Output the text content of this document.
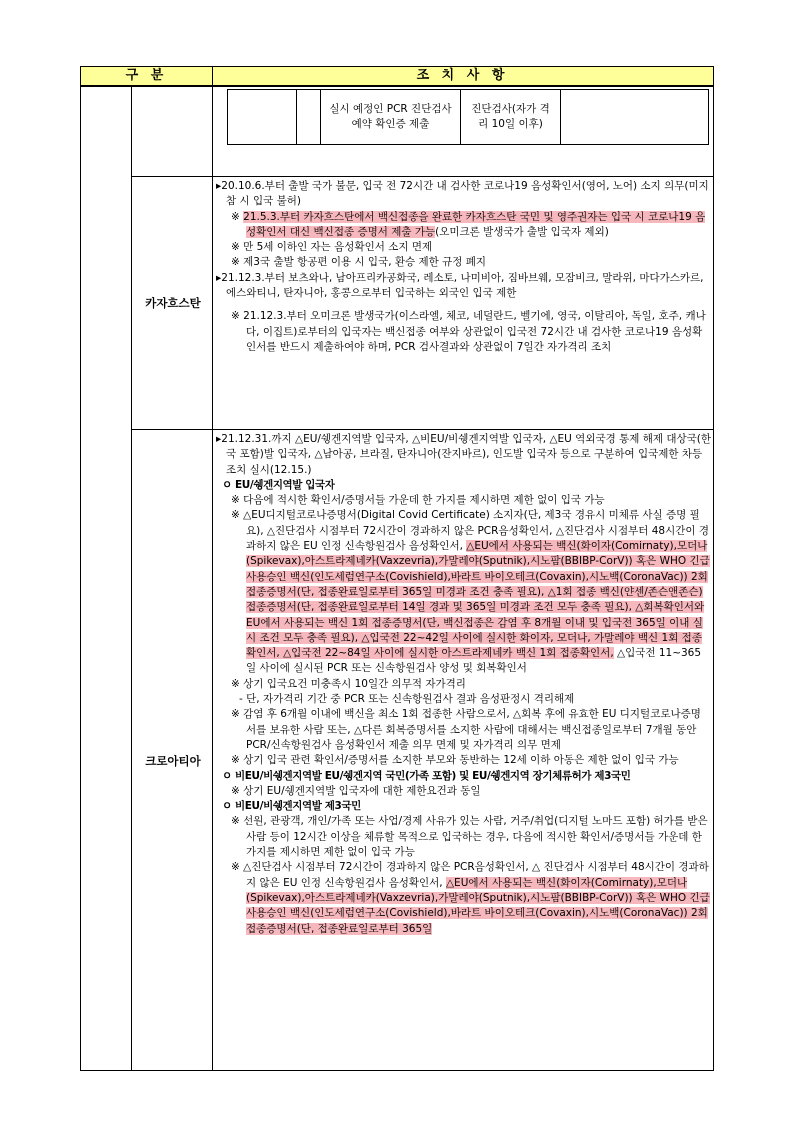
구 분	조 치 사 항
실시 예정인 PCR 진단검사 예약 확인증 제출
진단검사(자가 격리 10일 이후)
카자흐스탄

▸20.10.6.부터 출발 국가 불문, 입국 전 72시간 내 검사한 코로나19 음성확인서(영어, 노어) 소지 의무(미지참 시 입국 불허)

※ 21.5.3.부터 카자흐스탄에서 백신접종을 완료한 카자흐스탄 국민 및 영주권자는 입국 시 코로나19 음성확인서 대신 백신접종 증명서 제출 가능(오미크론 발생국가 출발 입국자 제외)

※ 만 5세 이하인 자는 음성확인서 소지 면제

※ 제3국 출발 항공편 이용 시 입국, 환승 제한 규정 폐지

▸21.12.3.부터 보츠와나, 남아프리카공화국, 레소토, 나미비아, 짐바브웨, 모잠비크, 말라위, 마다가스카르, 에스와티니, 탄자니아, 홍콩으로부터 입국하는 외국인 입국 제한

※ 21.12.3.부터 오미크론 발생국가(이스라엘, 체코, 네덜란드, 벨기에, 영국, 이탈리아, 독일, 호주, 캐나다, 이집트)로부터의 입국자는 백신접종 여부와 상관없이 입국전 72시간 내 검사한 코로나19 음성확인서를 반드시 제출하여야 하며, PCR 검사결과와 상관없이 7일간 자가격리 조치

크로아티아

▸21.12.31.까지 △EU/쉥겐지역발 입국자, △비EU/비쉥겐지역발 입국자, △EU 역외국경 통제 해제 대상국(한국 포함)발 입국자, △남아공, 브라질, 탄자니아(잔지바르), 인도발 입국자 등으로 구분하여 입국제한 차등 조치 실시(12.15.)

ㅇ EU/쉥겐지역발 입국자

※ 다음에 적시한 확인서/증명서들 가운데 한 가지를 제시하면 제한 없이 입국 가능

※ △EU디지털코로나증명서(Digital Covid Certificate) 소지자(단, 제3국 경유시 미체류 사실 증명 필요), △진단검사 시점부터 72시간이 경과하지 않은 PCR음성확인서, △진단검사 시점부터 48시간이 경과하지 않은 EU 인정 신속항원검사 음성확인서, △EU에서 사용되는 백신(화이자(Comirnaty),모더나(Spikevax),아스트라제네카(Vaxzevria),가말레야(Sputnik),시노팜(BBIBP-CorV)) 혹은 WHO 긴급 사용승인 백신(인도세럼연구소(Covishield),바라트 바이오테크(Covaxin),시노백(CoronaVac)) 2회 접종증명서(단, 접종완료일로부터 365일 미경과 조건 충족 필요), △1회 접종 백신(얀센/존슨앤존슨) 접종증명서(단, 접종완료일로부터 14일 경과 및 365일 미경과 조건 모두 충족 필요), △회복확인서와 EU에서 사용되는 백신 1회 접종증명서(단, 백신접종은 감염 후 8개월 이내 및 입국전 365일 이내 실시 조건 모두 충족 필요), △입국전 22~42일 사이에 실시한 화이자, 모더나, 가말레야 백신 1회 접종확인서, △입국전 22~84일 사이에 실시한 아스트라제네카 백신 1회 접종확인서, △입국전 11~365일 사이에 실시된 PCR 또는 신속항원검사 양성 및 회복확인서

※ 상기 입국요건 미충족시 10일간 의무적 자가격리

- 단, 자가격리 기간 중 PCR 또는 신속항원검사 결과 음성판정시 격리해제

※ 감염 후 6개월 이내에 백신을 최소 1회 접종한 사람으로서, △회복 후에 유효한 EU 디지털코로나증명서를 보유한 사람 또는, △다른 회복증명서를 소지한 사람에 대해서는 백신접종일로부터 7개월 동안 PCR/신속항원검사 음성확인서 제출 의무 면제 및 자가격리 의무 면제

※ 상기 입국 관련 확인서/증명서를 소지한 부모와 동반하는 12세 이하 아동은 제한 없이 입국 가능

ㅇ 비EU/비쉥겐지역발 EU/쉥겐지역 국민(가족 포함) 및 EU/쉥겐지역 장기체류허가 제3국민

※ 상기 EU/쉥겐지역발 입국자에 대한 제한요건과 동일

ㅇ 비EU/비쉥겐지역발 제3국민

※ 선원, 관광객, 개인/가족 또는 사업/경제 사유가 있는 사람, 거주/취업(디지털 노마드 포함) 허가를 받은 사람 등이 12시간 이상을 체류할 목적으로 입국하는 경우, 다음에 적시한 확인서/증명서들 가운데 한 가지를 제시하면 제한 없이 입국 가능

※ △진단검사 시점부터 72시간이 경과하지 않은 PCR음성확인서, △ 진단검사 시점부터 48시간이 경과하지 않은 EU 인정 신속항원검사 음성확인서, △EU에서 사용되는 백신(화이자(Comirnaty),모더나(Spikevax),아스트라제네카(Vaxzevria),가말레야(Sputnik),시노팜(BBIBP-CorV)) 혹은 WHO 긴급 사용승인 백신(인도세럼연구소(Covishield),바라트 바이오테크(Covaxin),시노백(CoronaVac)) 2회 접종증명서(단, 접종완료일로부터 365일
